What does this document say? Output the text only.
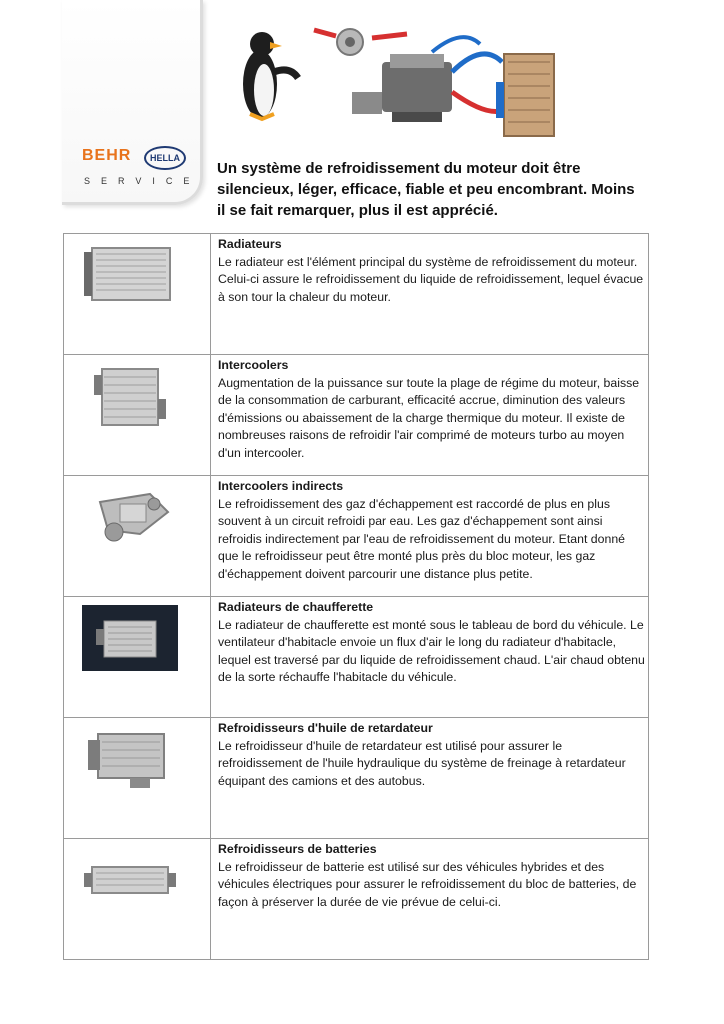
BEHR	HELLA
SERVICE
Un système de refroidissement du moteur doit être silencieux, léger, efficace, fiable et peu encombrant. Moins il se fait remarquer, plus il est apprécié.
Radiateurs
Le radiateur est l'élément principal du système de refroidissement du moteur. Celui-ci assure le refroidissement du liquide de refroidissement, lequel évacue à son tour la chaleur du moteur.
Intercoolers
Augmentation de la puissance sur toute la plage de régime du moteur, baisse de la consommation de carburant, efficacité accrue, diminution des valeurs d'émissions ou abaissement de la charge thermique du moteur. Il existe de nombreuses raisons de refroidir l'air comprimé de moteurs turbo au moyen d'un intercooler.
Intercoolers indirects
Le refroidissement des gaz d'échappement est raccordé de plus en plus souvent à un circuit refroidi par eau. Les gaz d'échappement sont ainsi refroidis indirectement par l'eau de refroidissement du moteur. Etant donné que le refroidisseur peut être monté plus près du bloc moteur, les gaz d'échappement doivent parcourir une distance plus petite.
Radiateurs de chaufferette
Le radiateur de chaufferette est monté sous le tableau de bord du véhicule. Le ventilateur d'habitacle envoie un flux d'air le long du radiateur d'habitacle, lequel est traversé par du liquide de refroidissement chaud. L'air chaud obtenu de la sorte réchauffe l'habitacle du véhicule.
Refroidisseurs d'huile de retardateur
Le refroidisseur d'huile de retardateur est utilisé pour assurer le refroidissement de l'huile hydraulique du système de freinage à retardateur équipant des camions et des autobus.
Refroidisseurs de batteries
Le refroidisseur de batterie est utilisé sur des véhicules hybrides et des véhicules électriques pour assurer le refroidissement du bloc de batteries, de façon à préserver la durée de vie prévue de celui-ci.
